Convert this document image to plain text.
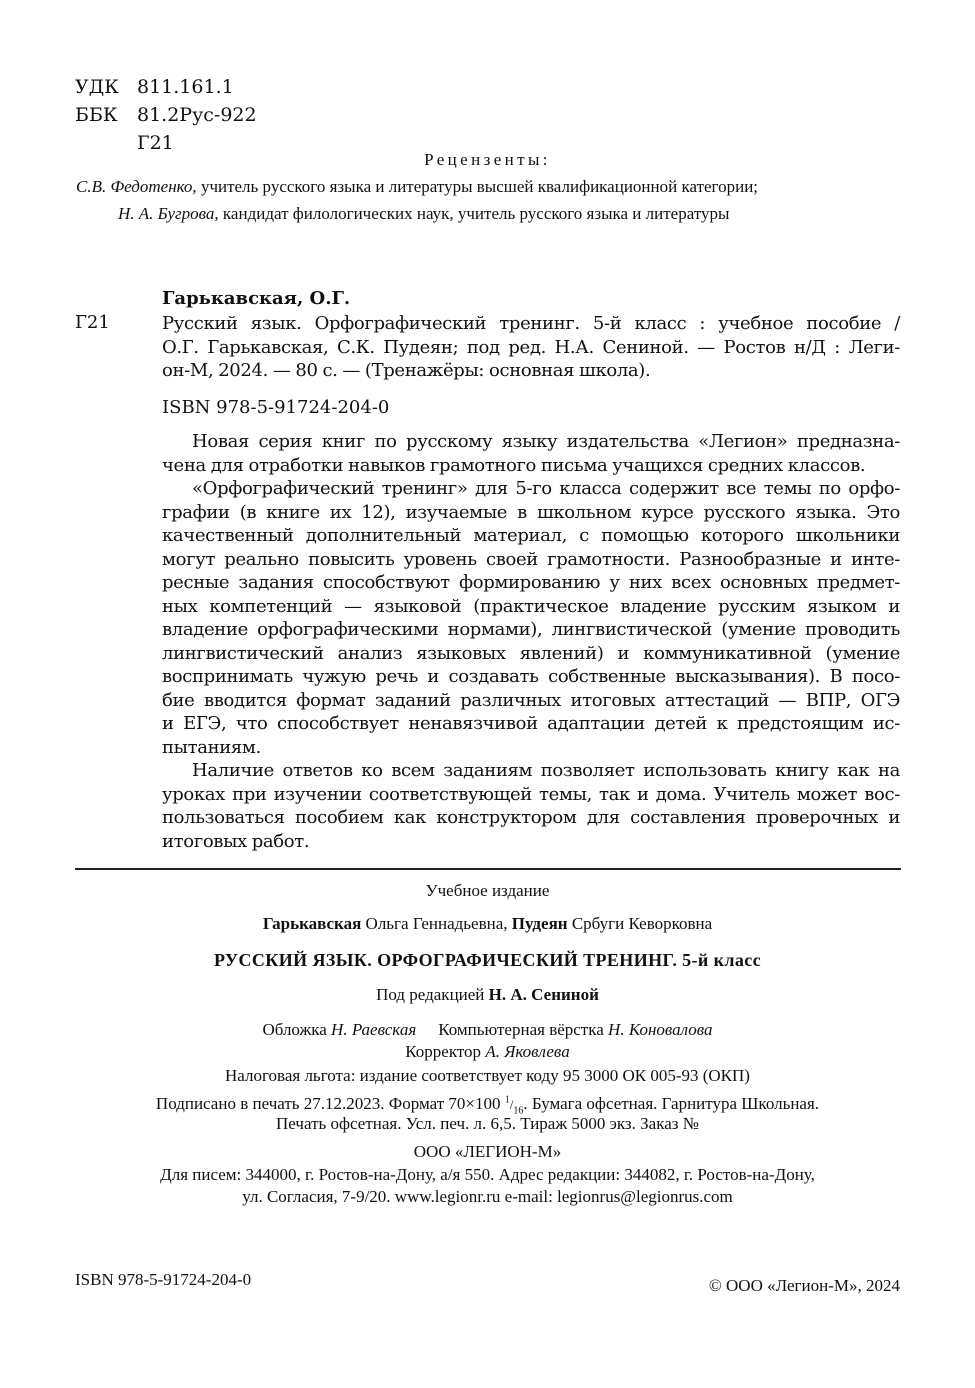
УДК 811.161.1
ББК 81.2Рус-922
Г21
Рецензенты:
С.В. Федотенко, учитель русского языка и литературы высшей квалификационной категории;
Н. А. Бугрова, кандидат филологических наук, учитель русского языка и литературы
Гарькавская, О.Г.
Г21	Русский язык. Орфографический тренинг. 5-й класс : учебное пособие /
О.Г. Гарькавская, С.К. Пудеян; под ред. Н.А. Сениной. — Ростов н/Д : Леги-
он-М, 2024. — 80 с. — (Тренажёры: основная школа).
ISBN 978-5-91724-204-0
Новая серия книг по русскому языку издательства «Легион» предназна-
чена для отработки навыков грамотного письма учащихся средних классов.
«Орфографический тренинг» для 5-го класса содержит все темы по орфо-
графии (в книге их 12), изучаемые в школьном курсе русского языка. Это
качественный дополнительный материал, с помощью которого школьники
могут реально повысить уровень своей грамотности. Разнообразные и инте-
ресные задания способствуют формированию у них всех основных предмет-
ных компетенций — языковой (практическое владение русским языком и
владение орфографическими нормами), лингвистической (умение проводить
лингвистический анализ языковых явлений) и коммуникативной (умение
воспринимать чужую речь и создавать собственные высказывания). В посо-
бие вводится формат заданий различных итоговых аттестаций — ВПР, ОГЭ
и ЕГЭ, что способствует ненавязчивой адаптации детей к предстоящим ис-
пытаниям.
Наличие ответов ко всем заданиям позволяет использовать книгу как на
уроках при изучении соответствующей темы, так и дома. Учитель может вос-
пользоваться пособием как конструктором для составления проверочных и
итоговых работ.
Учебное издание
Гарькавская Ольга Геннадьевна, Пудеян Србуги Кеворковна
РУССКИЙ ЯЗЫК. ОРФОГРАФИЧЕСКИЙ ТРЕНИНГ. 5-й класс
Под редакцией Н. А. Сениной
Обложка Н. Раевская Компьютерная вёрстка Н. Коновалова
Корректор А. Яковлева
Налоговая льгота: издание соответствует коду 95 3000 ОК 005-93 (ОКП)
Подписано в печать 27.12.2023. Формат 70×100 $^1/_{16}$. Бумага офсетная. Гарнитура Школьная.
Печать офсетная. Усл. печ. л. 6,5. Тираж 5000 экз. Заказ №
ООО «ЛЕГИОН-М»
Для писем: 344000, г. Ростов-на-Дону, а/я 550. Адрес редакции: 344082, г. Ростов-на-Дону,
ул. Согласия, 7-9/20. www.legionr.ru e-mail: legionrus@legionrus.com
ISBN 978-5-91724-204-0	© ООО «Легион-М», 2024
